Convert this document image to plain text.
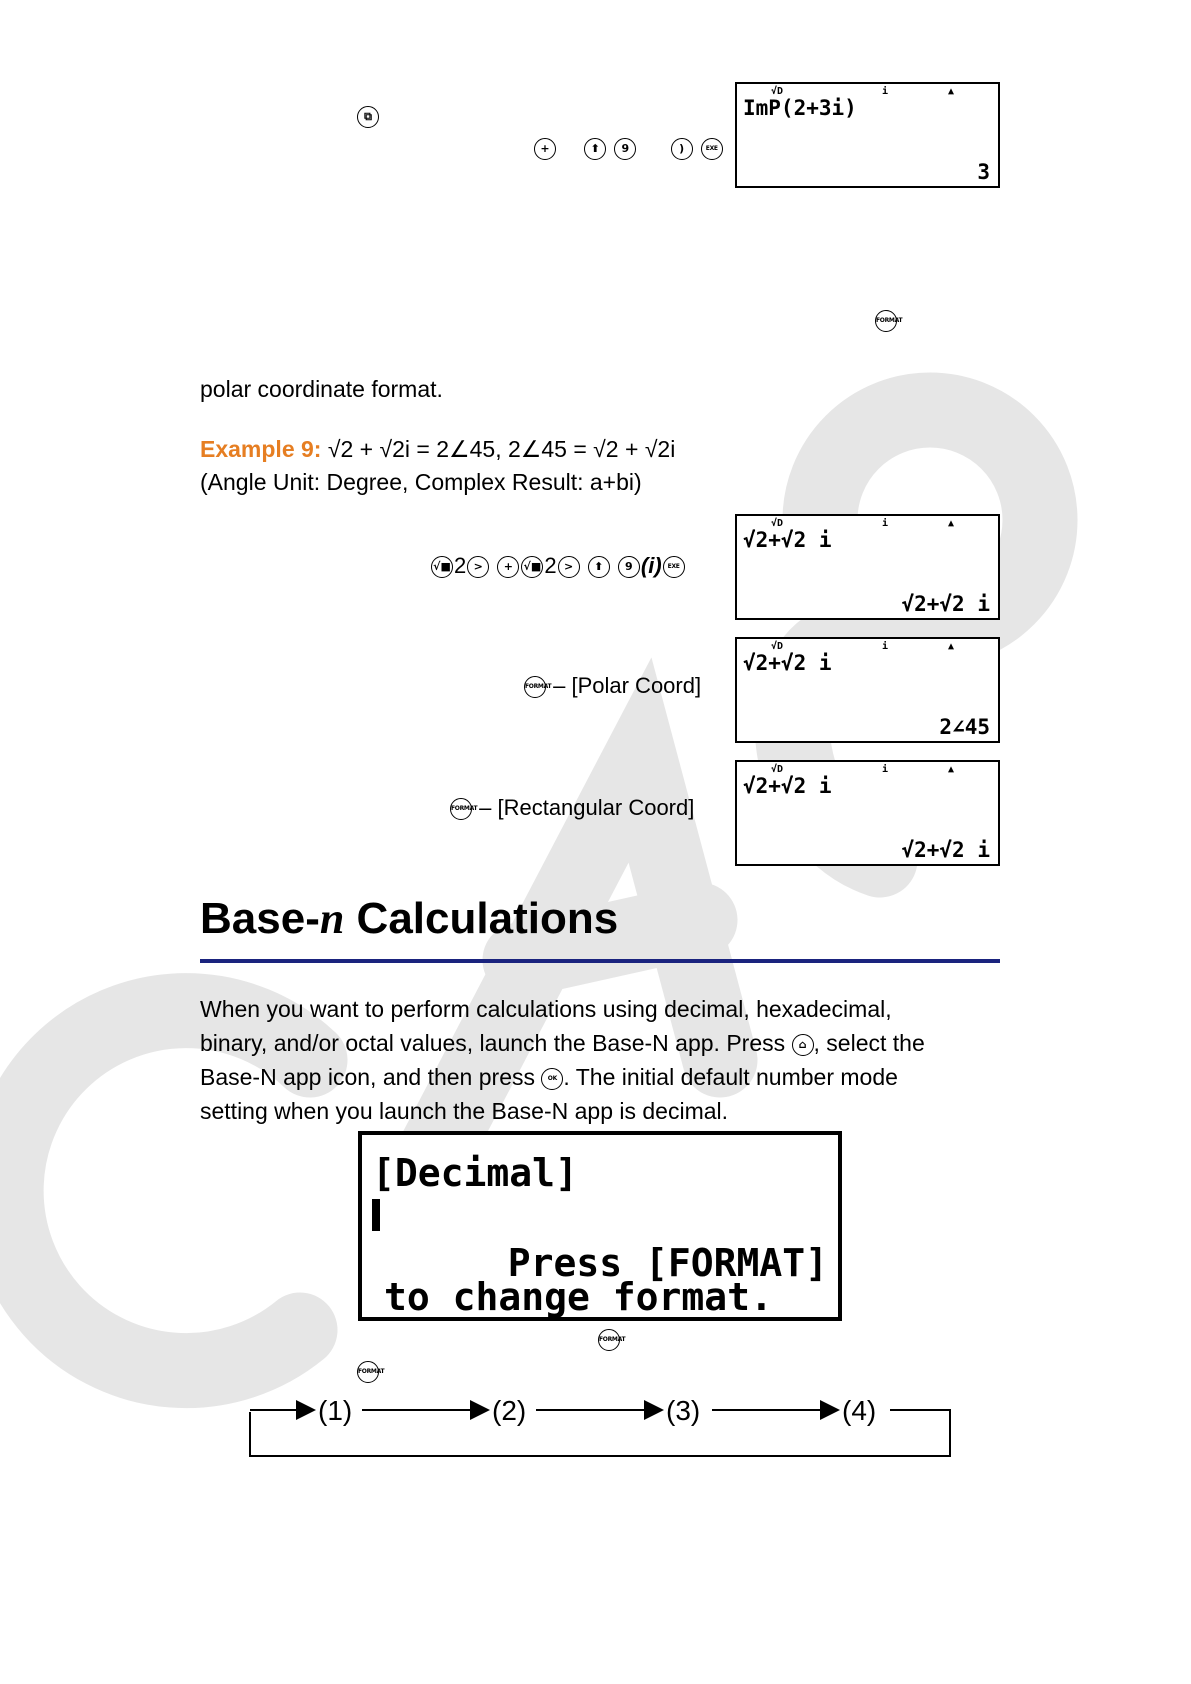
⧉
+	⬆ 9	)	EXE
√D	i	▲
ImP(2+3i)
3
FORMAT
polar coordinate format.
Example 9: √2 + √2i = 2∠45, 2∠45 = √2 + √2i
(Angle Unit: Degree, Complex Result: a+bi)
√■ 2 > + √■ 2 > ⬆ 9 (i) EXE
FORMAT – [Polar Coord]
FORMAT – [Rectangular Coord]
√D	i	▲
√2+√2 i
√2+√2 i
√D	i	▲
√2+√2 i
2∠45
√D	i	▲
√2+√2 i
√2+√2 i
Base-n Calculations
When you want to perform calculations using decimal, hexadecimal,
binary, and/or octal values, launch the Base-N app. Press ⌂ , select the
Base-N app icon, and then press OK . The initial default number mode
setting when you launch the Base-N app is decimal.
[Decimal]
Press [FORMAT]
to change format.
FORMAT
FORMAT
(1)	(2)	(3)	(4)
